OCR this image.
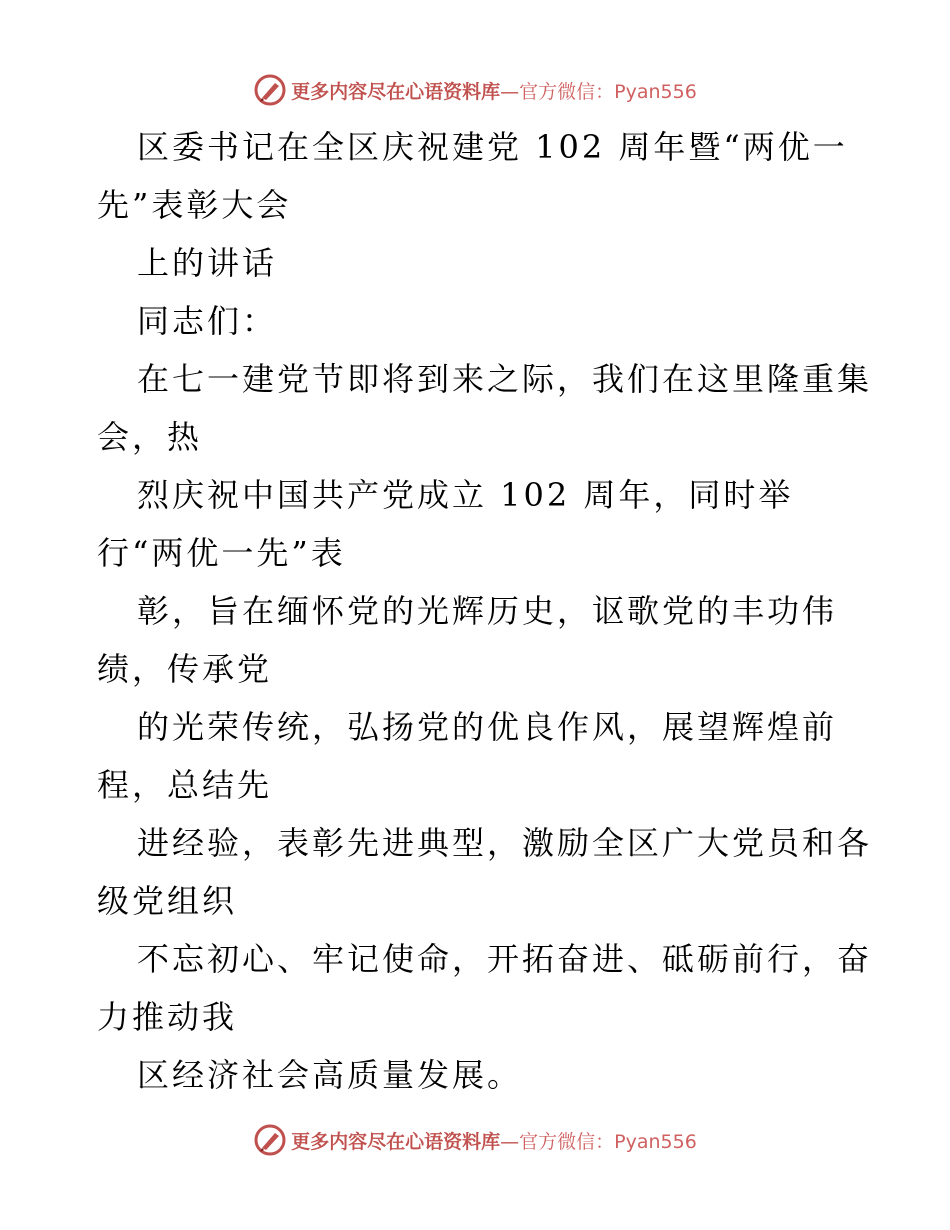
更多内容尽在心语资料库—官方微信：Pyan556
区委书记在全区庆祝建党 102 周年暨“两优一
先”表彰大会
上的讲话
同志们：
在七一建党节即将到来之际，我们在这里隆重集
会，热
烈庆祝中国共产党成立 102 周年，同时举
行“两优一先”表
彰，旨在缅怀党的光辉历史，讴歌党的丰功伟
绩，传承党
的光荣传统，弘扬党的优良作风，展望辉煌前
程，总结先
进经验，表彰先进典型，激励全区广大党员和各
级党组织
不忘初心、牢记使命，开拓奋进、砥砺前行，奋
力推动我
区经济社会高质量发展。
更多内容尽在心语资料库—官方微信：Pyan556
